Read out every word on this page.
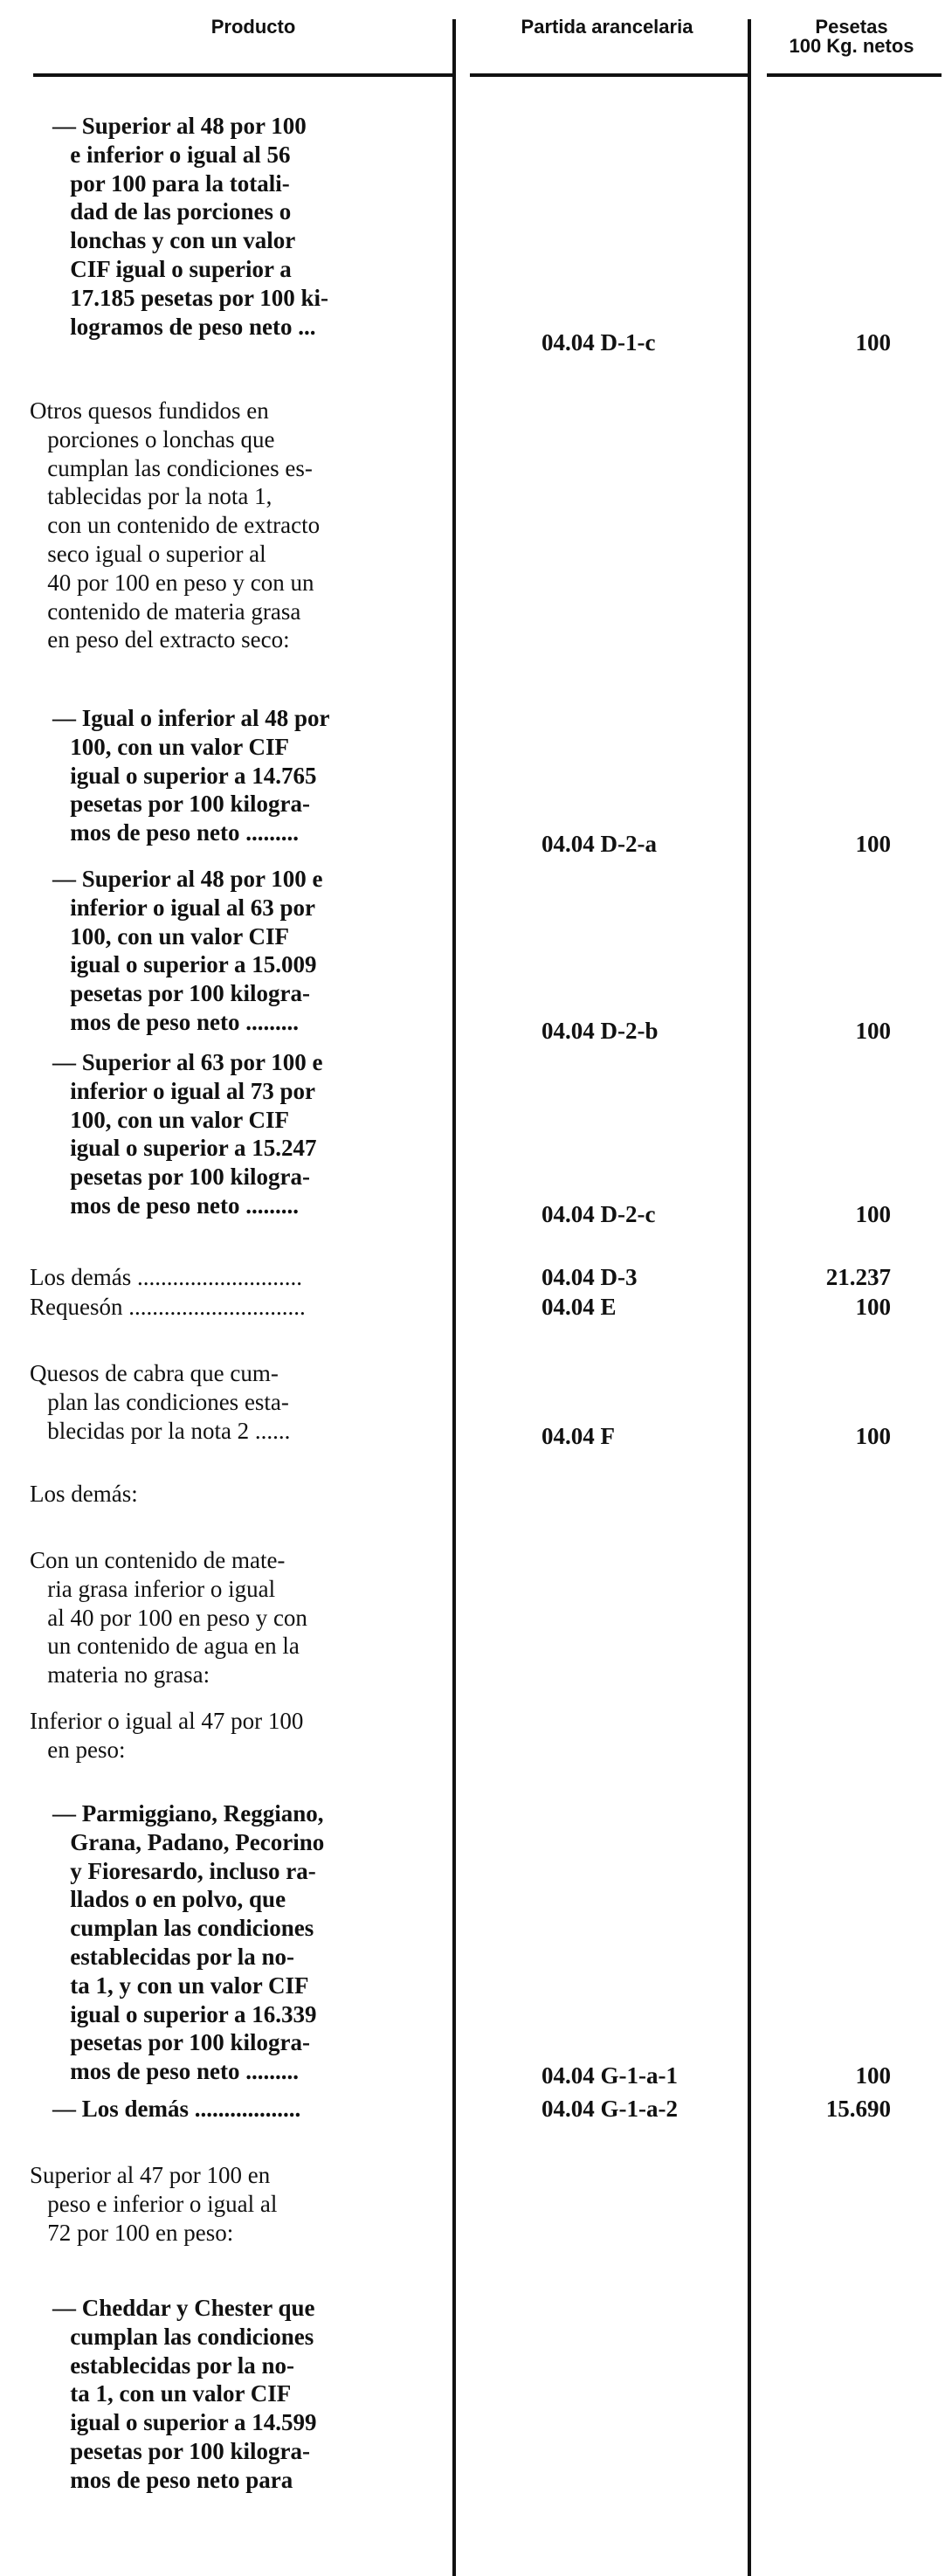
Producto	Partida arancelaria	Pesetas
100 Kg. netos
— Superior al 48 por 100
e inferior o igual al 56
por 100 para la totali-
dad de las porciones o
lonchas y con un valor
CIF igual o superior a
17.185 pesetas por 100 ki-
logramos de peso neto ...
04.04 D-1-c	100
Otros quesos fundidos en
porciones o lonchas que
cumplan las condiciones es-
tablecidas por la nota 1,
con un contenido de extracto
seco igual o superior al
40 por 100 en peso y con un
contenido de materia grasa
en peso del extracto seco:
— Igual o inferior al 48 por
100, con un valor CIF
igual o superior a 14.765
pesetas por 100 kilogra-
mos de peso neto .........	04.04 D-2-a	100
— Superior al 48 por 100 e
inferior o igual al 63 por
100, con un valor CIF
igual o superior a 15.009
pesetas por 100 kilogra-
mos de peso neto .........	04.04 D-2-b	100
— Superior al 63 por 100 e
inferior o igual al 73 por
100, con un valor CIF
igual o superior a 15.247
pesetas por 100 kilogra-
mos de peso neto .........	04.04 D-2-c	100
Los demás ............................	04.04 D-3	21.237
Requesón ..............................	04.04 E	100
Quesos de cabra que cum-
plan las condiciones esta-
blecidas por la nota 2 ......	04.04 F	100
Los demás:
Con un contenido de mate-
ria grasa inferior o igual
al 40 por 100 en peso y con
un contenido de agua en la
materia no grasa:
Inferior o igual al 47 por 100
en peso:
— Parmiggiano, Reggiano,
Grana, Padano, Pecorino
y Fioresardo, incluso ra-
llados o en polvo, que
cumplan las condiciones
establecidas por la no-
ta 1, y con un valor CIF
igual o superior a 16.339
pesetas por 100 kilogra-
mos de peso neto .........	04.04 G-1-a-1	100
— Los demás ..................	04.04 G-1-a-2	15.690
Superior al 47 por 100 en
peso e inferior o igual al
72 por 100 en peso:
— Cheddar y Chester que
cumplan las condiciones
establecidas por la no-
ta 1, con un valor CIF
igual o superior a 14.599
pesetas por 100 kilogra-
mos de peso neto para
